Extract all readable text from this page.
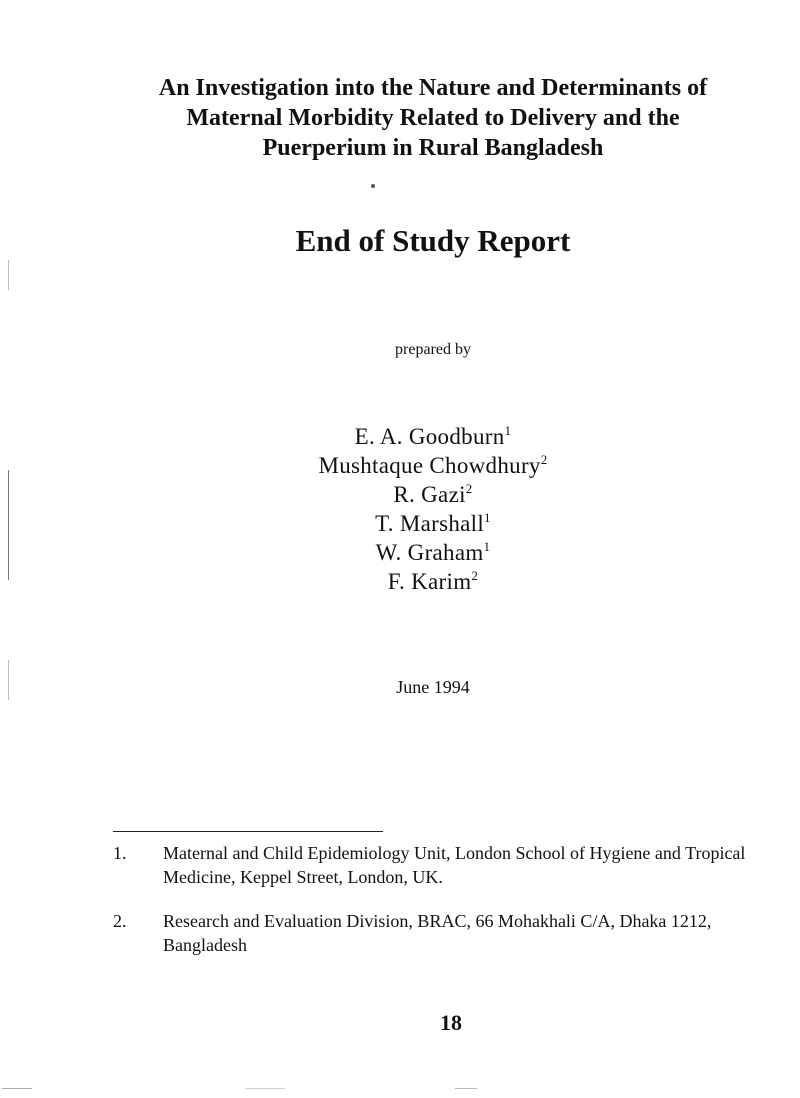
An Investigation into the Nature and Determinants of
Maternal Morbidity Related to Delivery and the
Puerperium in Rural Bangladesh
End of Study Report
prepared by
E. A. Goodburn$^1$
Mushtaque Chowdhury$^2$
R. Gazi$^2$
T. Marshall$^1$
W. Graham$^1$
F. Karim$^2$
June 1994
1.	Maternal and Child Epidemiology Unit, London School of Hygiene and Tropical Medicine, Keppel Street, London, UK.
2.	Research and Evaluation Division, BRAC, 66 Mohakhali C/A, Dhaka 1212, Bangladesh
18
